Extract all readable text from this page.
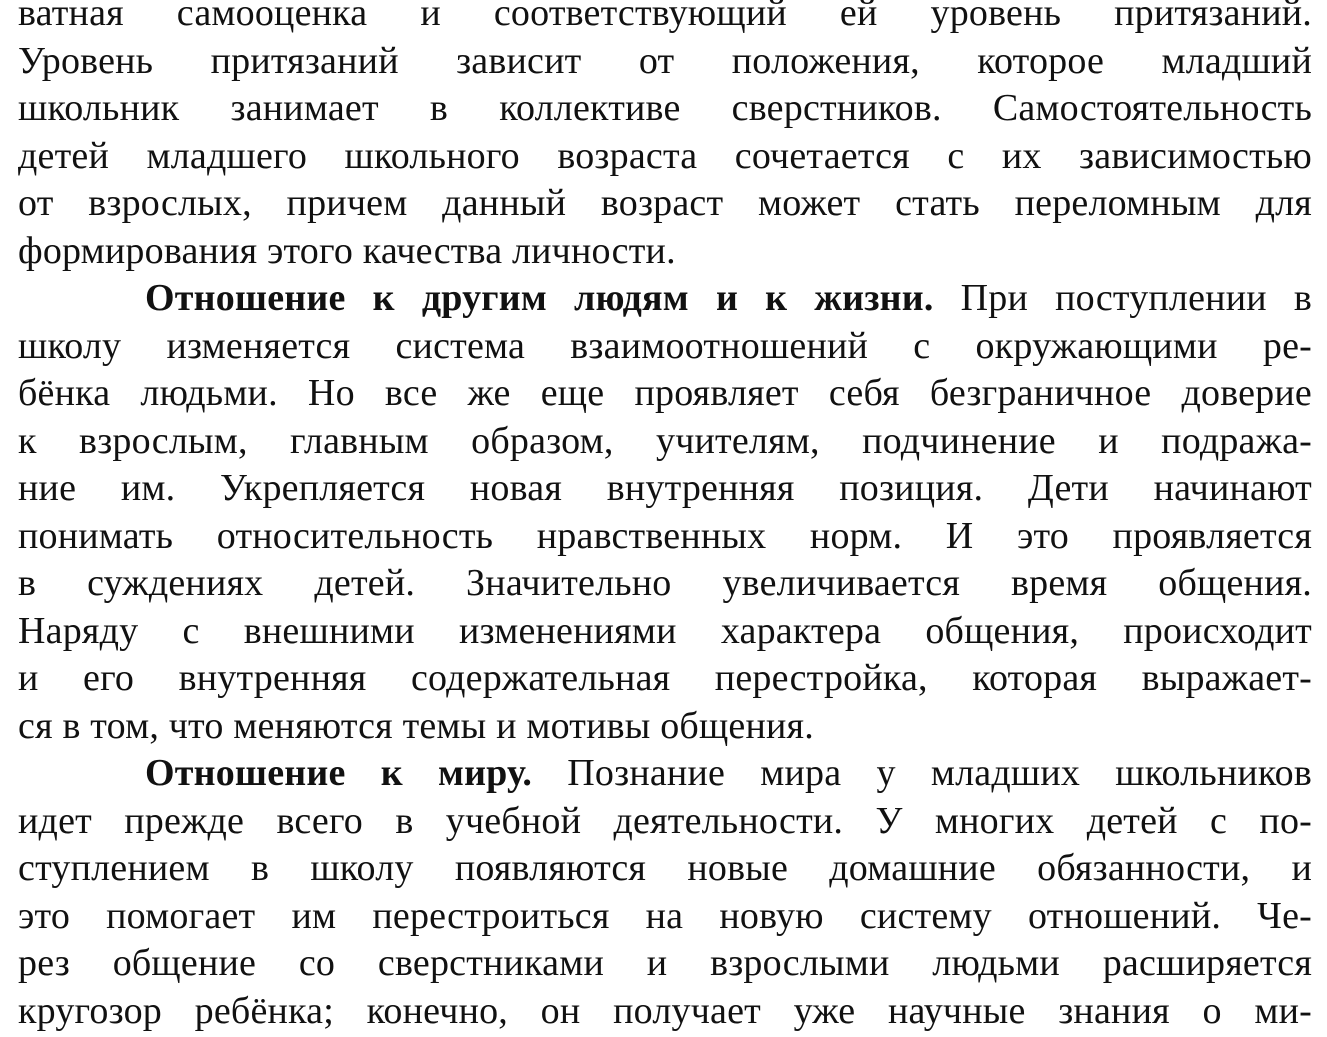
ватная самооценка и соответствующий ей уровень притязаний.
Уровень притязаний зависит от положения, которое младший
школьник занимает в коллективе сверстников. Самостоятельность
детей младшего школьного возраста сочетается с их зависимостью
от взрослых, причем данный возраст может стать переломным для
формирования этого качества личности.
Отношение к другим людям и к жизни. При поступлении в
школу изменяется система взаимоотношений с окружающими ре-
бёнка людьми. Но все же еще проявляет себя безграничное доверие
к взрослым, главным образом, учителям, подчинение и подража-
ние им. Укрепляется новая внутренняя позиция. Дети начинают
понимать относительность нравственных норм. И это проявляется
в суждениях детей. Значительно увеличивается время общения.
Наряду с внешними изменениями характера общения, происходит
и его внутренняя содержательная перестройка, которая выражает-
ся в том, что меняются темы и мотивы общения.
Отношение к миру. Познание мира у младших школьников
идет прежде всего в учебной деятельности. У многих детей с по-
ступлением в школу появляются новые домашние обязанности, и
это помогает им перестроиться на новую систему отношений. Че-
рез общение со сверстниками и взрослыми людьми расширяется
кругозор ребёнка; конечно, он получает уже научные знания о ми-
